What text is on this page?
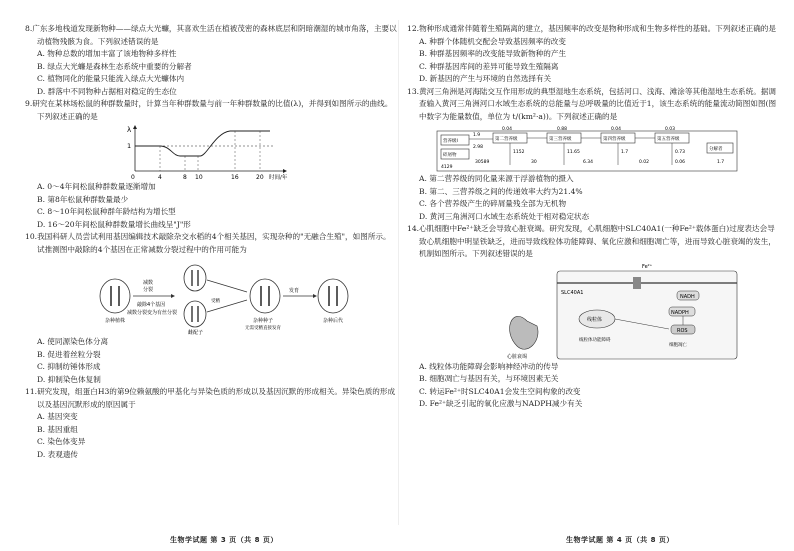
8.广东多地栈道发现新物种——绿点大光蠊，其喜欢生活在植被茂密的森林底层和阴暗潮湿的城市角落，主要以动植物残骸为食。下列叙述错误的是
A. 物种总数的增加丰富了该地物种多样性
B. 绿点大光蠊是森林生态系统中重要的分解者
C. 植物同化的能量只能流入绿点大光蠊体内
D. 群落中不同物种占据相对稳定的生态位
9.研究在某林场松鼠的种群数量时，计算当年种群数量与前一年种群数量的比值(λ)，并得到如图所示的曲线。下列叙述正确的是
λ
1
0	4	8 10	16	20 时间/年
A. 0～4年间松鼠种群数量逐渐增加
B. 第8年松鼠种群数量最少
C. 8～10年间松鼠种群年龄结构为增长型
D. 16～20年间松鼠种群数量增长曲线呈"J"形
10.我国科研人员尝试利用基因编辑技术敲除杂交水稻的4个相关基因，实现杂种的"无融合生殖"，如图所示。试推测图中敲除的4个基因在正常减数分裂过程中的作用可能为
杂种植株
减数
分裂
敲除4个基因
减数分裂变为有丝分裂
雌配子
受精
杂种种子
无需受精直接发育
发育
杂种后代
A. 使同源染色体分离
B. 促进着丝粒分裂
C. 抑制纺锤体形成
D. 抑制染色体复制
11.研究发现，组蛋白H3的第9位赖氨酸的甲基化与异染色质的形成以及基因沉默的形成相关。异染色质的形成以及基因沉默形成的原因属于
A. 基因突变
B. 基因重组
C. 染色体变异
D. 表观遗传
12.物种形成通常伴随着生殖隔离的建立，基因频率的改变是物种形成和生物多样性的基础。下列叙述正确的是
A. 种群个体随机交配会导致基因频率的改变
B. 种群基因频率的改变能导致新物种的产生
C. 种群基因库间的差异可能导致生殖隔离
D. 新基因的产生与环境的自然选择有关
13.黄河三角洲是河海陆交互作用形成的典型湿地生态系统，包括河口、浅海、滩涂等其他湿地生态系统。据调查输入黄河三角洲河口水域生态系统的总能量与总呼吸量的比值近于1，该生态系统的能量流动简图如图(图中数字为能量数值，单位为 t/(km²·a))。下列叙述正确的是
营养级Ⅰ
碎屑物
第二营养级	第三营养级	第四营养级	第五营养级
分解者
0.04	0.88	0.04	0.03
1.9
2.98
4129
30589
1152	11.65	1.7
6.34
0.73
0.06
0.02
30	1.7
A. 第二营养级的同化量来源于浮游植物的摄入
B. 第二、三营养级之间的传递效率大约为21.4%
C. 各个营养级产生的碎屑量残全部为无机物
D. 黄河三角洲河口水域生态系统处于相对稳定状态
14.心肌细胞中Fe²⁺缺乏会导致心脏衰竭。研究发现，心肌细胞中SLC40A1(一种Fe²⁺载体蛋白)过度表达会导致心肌细胞中明显铁缺乏，进而导致线粒体功能障碍、氧化应激和细胞凋亡等，进而导致心脏衰竭的发生，机制如图所示。下列叙述错误的是
Fe²⁺
SLC40A1
NADH
NADPH
线粒体
ROS
线粒体功能障碍
细胞凋亡
心脏衰竭
A. 线粒体功能障碍会影响神经冲动的传导
B. 细胞凋亡与基因有关，与环境因素无关
C. 转运Fe²⁺时SLC40A1会发生空间构象的改变
D. Fe²⁺缺乏引起的氧化应激与NADPH减少有关
生物学试题 第 3 页（共 8 页）	生物学试题 第 4 页（共 8 页）
